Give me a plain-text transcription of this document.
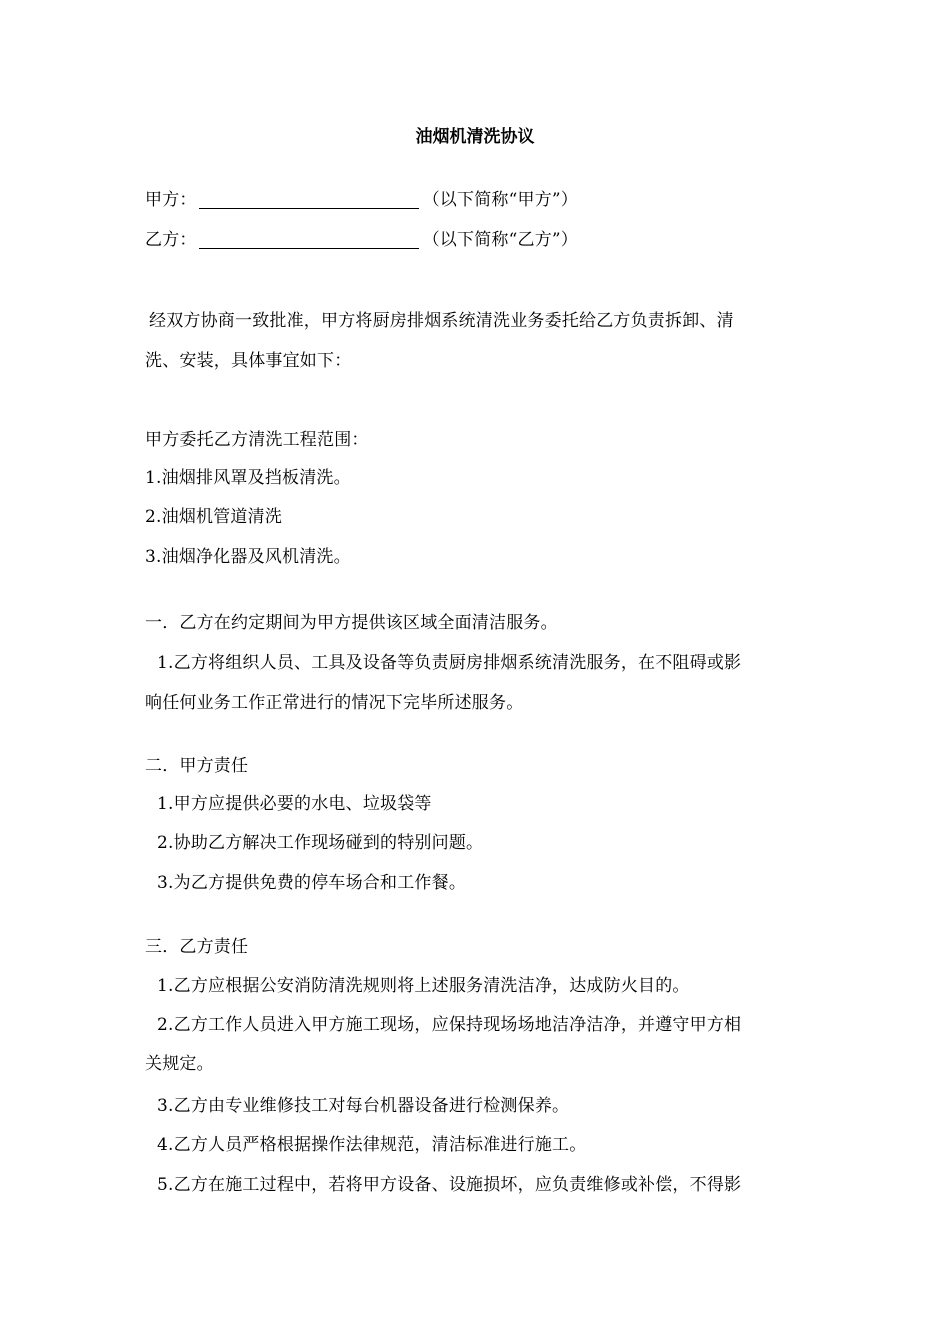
油烟机清洗协议
甲方：	（以下简称“甲方”）
乙方：	（以下简称“乙方”）
经双方协商一致批准，甲方将厨房排烟系统清洗业务委托给乙方负责拆卸、清
洗、安装，具体事宜如下：
甲方委托乙方清洗工程范围：
1.油烟排风罩及挡板清洗。
2.油烟机管道清洗
3.油烟净化器及风机清洗。
一．乙方在约定期间为甲方提供该区域全面清洁服务。
1.乙方将组织人员、工具及设备等负责厨房排烟系统清洗服务，在不阻碍或影
响任何业务工作正常进行的情况下完毕所述服务。
二．甲方责任
1.甲方应提供必要的水电、垃圾袋等
2.协助乙方解决工作现场碰到的特别问题。
3.为乙方提供免费的停车场合和工作餐。
三．乙方责任
1.乙方应根据公安消防清洗规则将上述服务清洗洁净，达成防火目的。
2.乙方工作人员进入甲方施工现场，应保持现场场地洁净洁净，并遵守甲方相
关规定。
3.乙方由专业维修技工对每台机器设备进行检测保养。
4.乙方人员严格根据操作法律规范，清洁标准进行施工。
5.乙方在施工过程中，若将甲方设备、设施损坏，应负责维修或补偿，不得影
